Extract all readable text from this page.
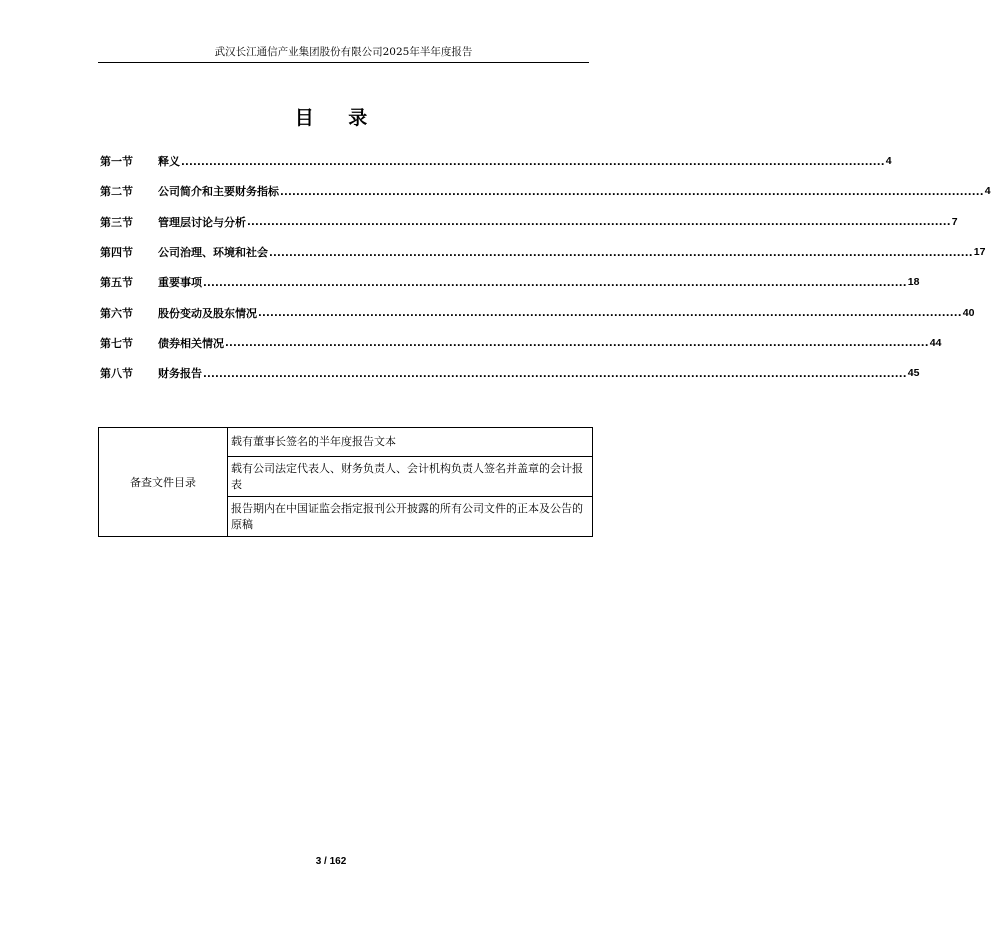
武汉长江通信产业集团股份有限公司2025年半年度报告
目 录
第一节	释义 ................................................................................................................................................................................ 4
第二节	公司简介和主要财务指标 ................................................................................................................................................................................ 4
第三节	管理层讨论与分析 ................................................................................................................................................................................ 7
第四节	公司治理、环境和社会 ................................................................................................................................................................................ 17
第五节	重要事项 ................................................................................................................................................................................ 18
第六节	股份变动及股东情况 ................................................................................................................................................................................ 40
第七节	债券相关情况 ................................................................................................................................................................................ 44
第八节	财务报告 ................................................................................................................................................................................ 45
备查文件目录	载有董事长签名的半年度报告文本
载有公司法定代表人、财务负责人、会计机构负责人签名并盖章的会计报表
报告期内在中国证监会指定报刊公开披露的所有公司文件的正本及公告的原稿
3 / 162
